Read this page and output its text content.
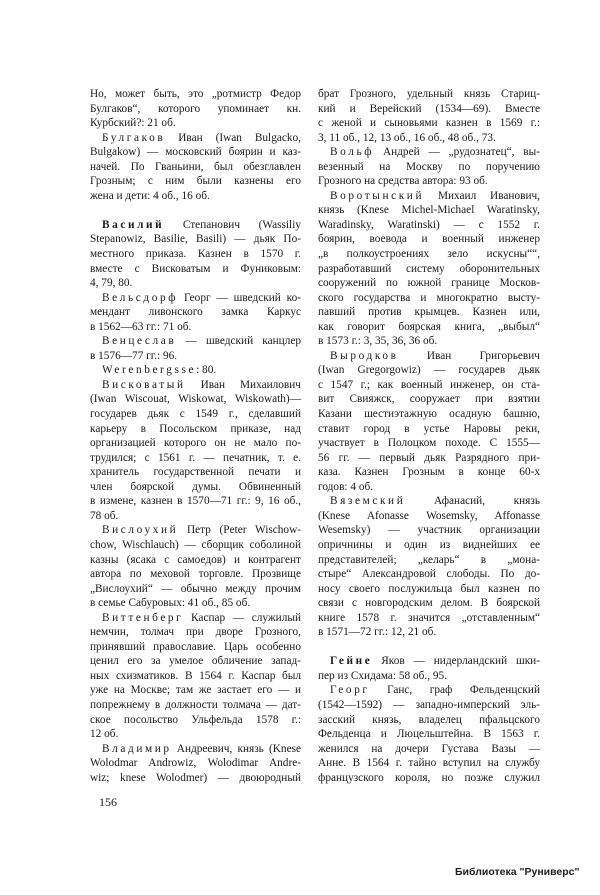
Но, может быть, это „ротмистр Федор
Булгаков“, которого упоминает кн.
Курбский?: 21 об.
Булгаков Иван (Iwan Bulgacko,
Bulgakow) — московский боярин и каз-
начей. По Гваньини, был обезглавлен
Грозным; с ним были казнены его
жена и дети: 4 об., 16 об.
Василий Степанович (Wassiliy
Stepanowiz, Basilie, Basili) — дьяк По-
местного приказа. Казнен в 1570 г.
вместе с Висковатым и Фуниковым:
4, 79, 80.
Вельсдорф Георг — шведский ко-
мендант ливонского замка Каркус
в 1562—63 гг.: 71 об.
Венцеслав — шведский канцлер
в 1576—77 гг.: 96.
Werenbergsse: 80.
Висковатый Иван Михаилович
(Iwan Wiscouat, Wiskowat, Wiskowath)—
государев дьяк с 1549 г., сделавший
карьеру в Посольском приказе, над
организацией которого он не мало по-
трудился; с 1561 г. — печатник, т. е.
хранитель государственной печати и
член боярской думы. Обвиненный
в измене, казнен в 1570—71 гг.: 9, 16 об.,
78 об.
Вислоухий Петр (Peter Wischow-
chow, Wischlauch) — сборщик соболиной
казны (ясака с самоедов) и контрагент
автора по меховой торговле. Прозвище
„Вислоухий“ — обычно между прочим
в семье Сабуровых: 41 об., 85 об.
Виттенберг Каспар — служилый
немчин, толмач при дворе Грозного,
принявший православие. Царь особенно
ценил его за умелое обличение запад-
ных схизматиков. В 1564 г. Каспар был
уже на Москве; там же застает его — и
попрежнему в должности толмача — дат-
ское посольство Ульфельда 1578 г.:
12 об.
Владимир Андреевич, князь (Knese
Wolodmar Androwiz, Wolodimar Andre-
wiz; knese Wolodmer) — двоюродный
брат Грозного, удельный князь Стариц-
кий и Верейский (1534—69). Вместе
с женой и сыновьями казнен в 1569 г.:
3, 11 об., 12, 13 об., 16 об., 48 об., 73.
Вольф Андрей — „рудознатец“, вы-
везенный на Москву по поручению
Грозного на средства автора: 93 об.
Воротынский Михаил Иванович,
князь (Knese Michel-Michael Waratinsky,
Waradinsky, Waratinski) — с 1552 г.
боярин, воевода и военный инженер
„в полкоустроениях зело искусны““,
разработавший систему оборонительных
сооружений по южной границе Москов-
ского государства и многократно высту-
павший против крымцев. Казнен или,
как говорит боярская книга, „выбыл“
в 1573 г.: 3, 35, 36, 36 об.
Выродков Иван Григорьевич
(Iwan Gregorgowiz) — государев дьяк
с 1547 г.; как военный инженер, он ста-
вит Свияжск, сооружает при взятии
Казани шестиэтажную осадную башню,
ставит город в устье Наровы реки,
участвует в Полоцком походе. С 1555—
56 гг. — первый дьяк Разрядного при-
каза. Казнен Грозным в конце 60-х
годов: 4 об.
Вяземский Афанасий, князь
(Knese Afonasse Wosemsky, Affonasse
Wesemsky) — участник организации
опричнины и один из виднейших ее
представителей; „келарь“ в „мона-
стыре“ Александровой слободы. По до-
носу своего послужильца был казнен по
связи с новгородским делом. В боярской
книге 1578 г. значится „отставленным“
в 1571—72 гг.: 12, 21 об.
Гейне Яков — нидерландский шки-
пер из Схидама: 58 об., 95.
Георг Ганс, граф Фельденцский
(1542—1592) — западно-имперский эль-
засский князь, владелец пфальцского
Фельденца и Люцельштейна. В 1563 г.
женился на дочери Густава Вазы —
Анне. В 1564 г. тайно вступил на службу
французского короля, но позже служил
156
Библиотека "Руниверс"
